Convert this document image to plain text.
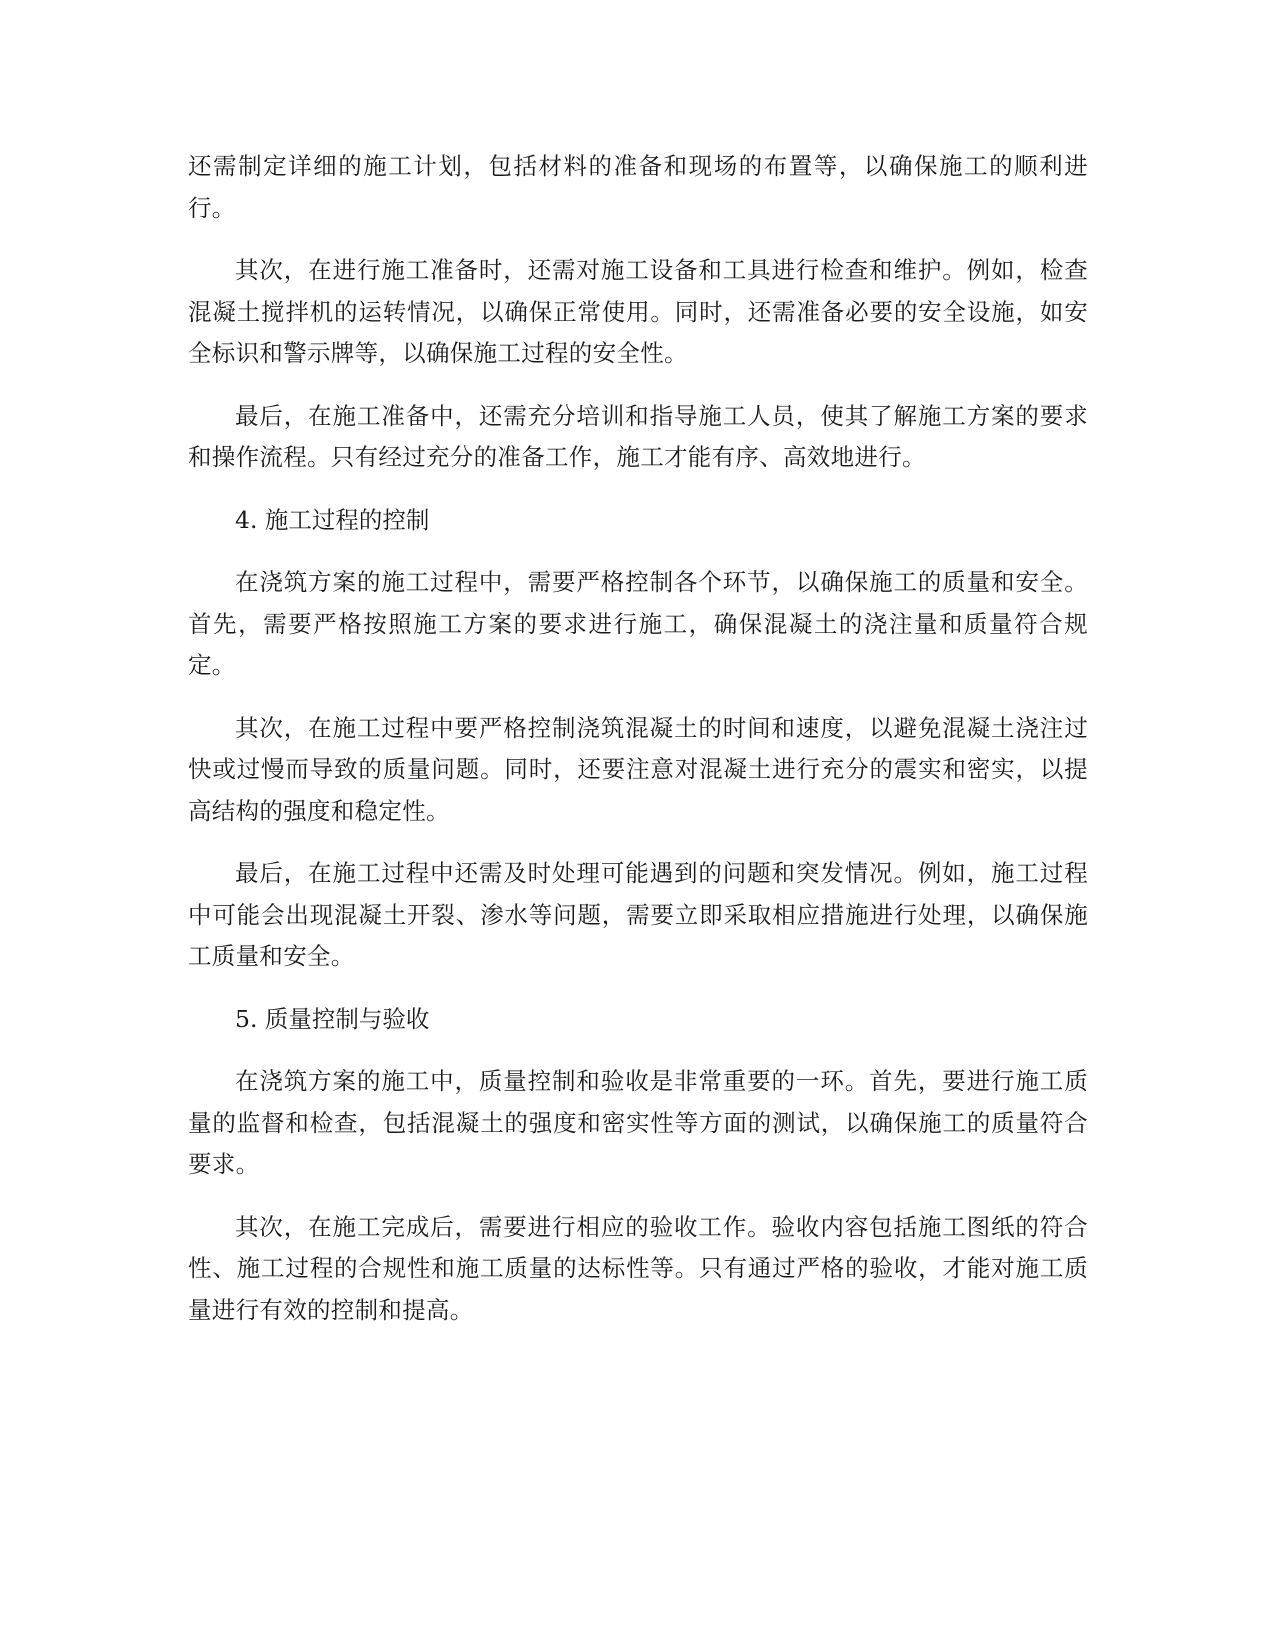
还需制定详细的施工计划，包括材料的准备和现场的布置等，以确保施工的顺利进行。

其次，在进行施工准备时，还需对施工设备和工具进行检查和维护。例如，检查混凝土搅拌机的运转情况，以确保正常使用。同时，还需准备必要的安全设施，如安全标识和警示牌等，以确保施工过程的安全性。

最后，在施工准备中，还需充分培训和指导施工人员，使其了解施工方案的要求和操作流程。只有经过充分的准备工作，施工才能有序、高效地进行。

4. 施工过程的控制

在浇筑方案的施工过程中，需要严格控制各个环节，以确保施工的质量和安全。首先，需要严格按照施工方案的要求进行施工，确保混凝土的浇注量和质量符合规定。

其次，在施工过程中要严格控制浇筑混凝土的时间和速度，以避免混凝土浇注过快或过慢而导致的质量问题。同时，还要注意对混凝土进行充分的震实和密实，以提高结构的强度和稳定性。

最后，在施工过程中还需及时处理可能遇到的问题和突发情况。例如，施工过程中可能会出现混凝土开裂、渗水等问题，需要立即采取相应措施进行处理，以确保施工质量和安全。

5. 质量控制与验收

在浇筑方案的施工中，质量控制和验收是非常重要的一环。首先，要进行施工质量的监督和检查，包括混凝土的强度和密实性等方面的测试，以确保施工的质量符合要求。

其次，在施工完成后，需要进行相应的验收工作。验收内容包括施工图纸的符合性、施工过程的合规性和施工质量的达标性等。只有通过严格的验收，才能对施工质量进行有效的控制和提高。
